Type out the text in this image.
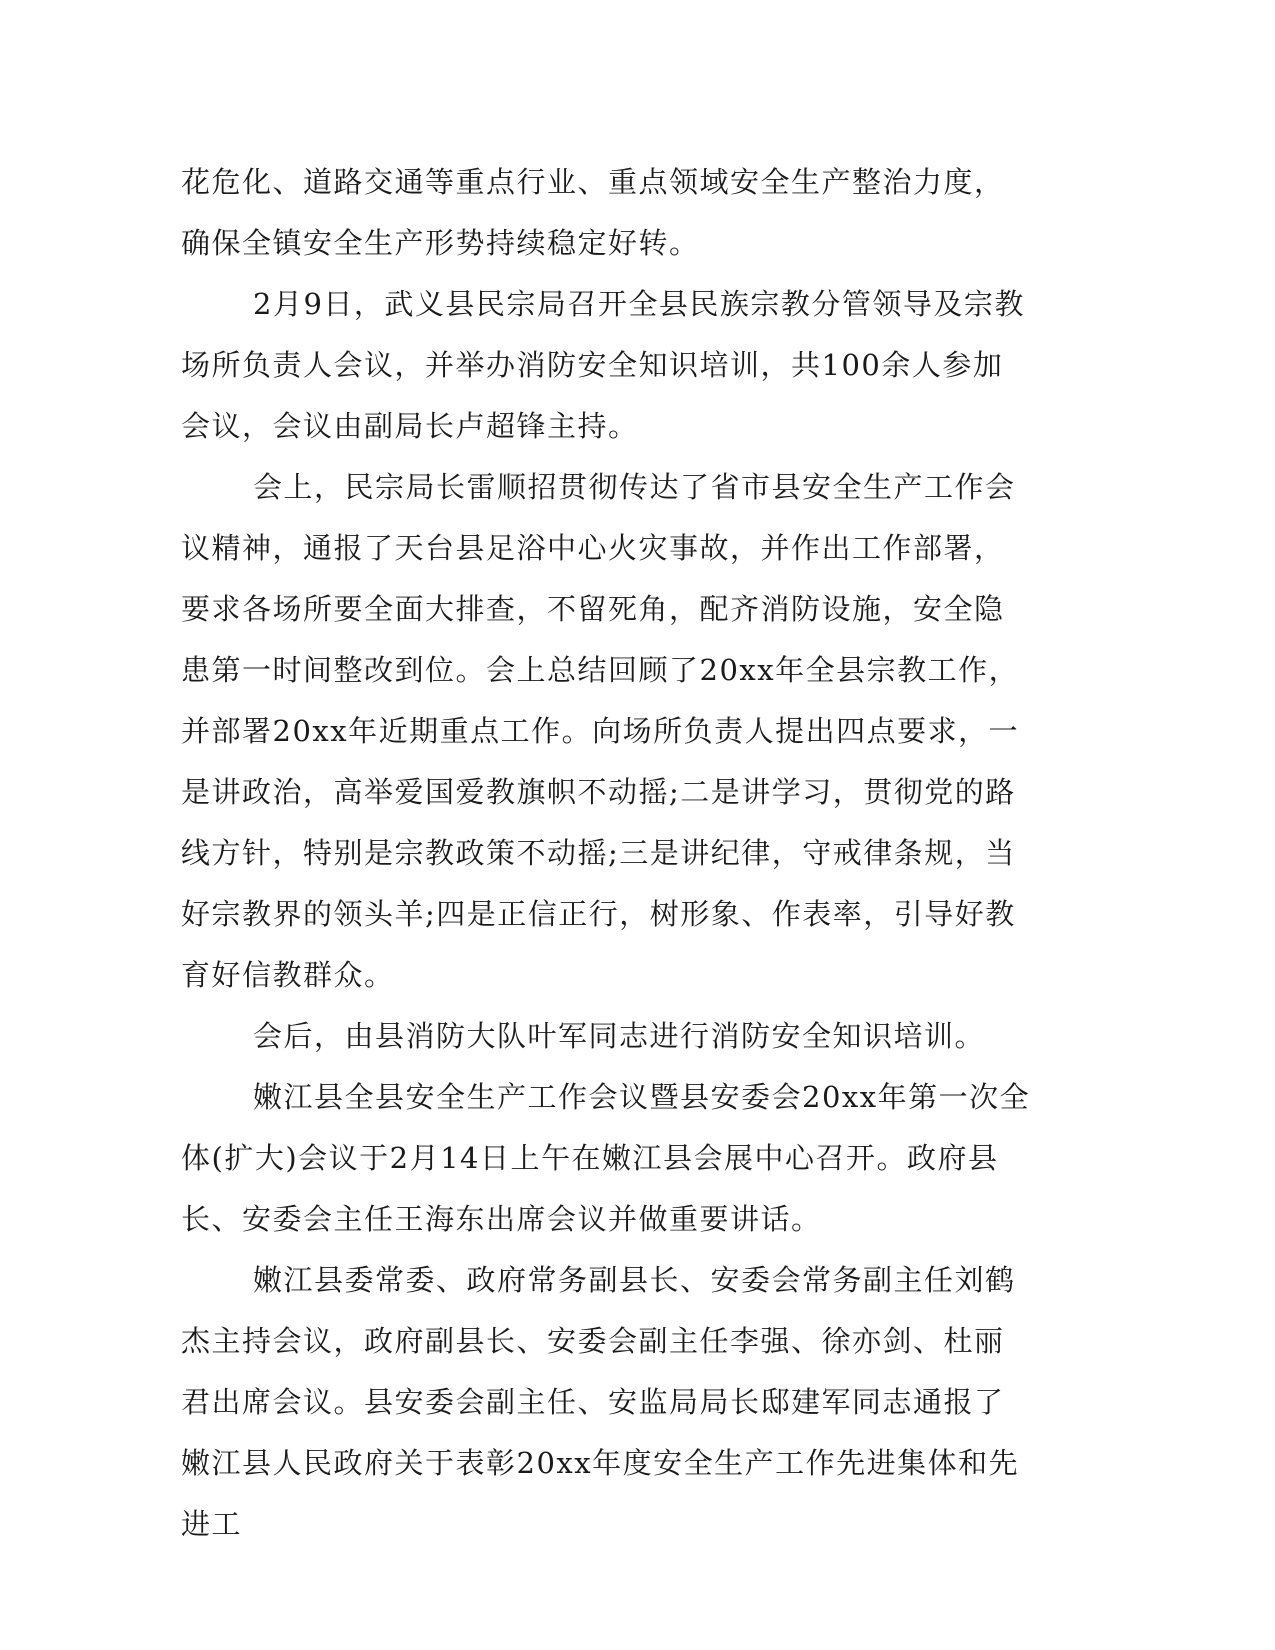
花危化、道路交通等重点行业、重点领域安全生产整治力度，确保全镇安全生产形势持续稳定好转。

2月9日，武义县民宗局召开全县民族宗教分管领导及宗教场所负责人会议，并举办消防安全知识培训，共100余人参加会议，会议由副局长卢超锋主持。

会上，民宗局长雷顺招贯彻传达了省市县安全生产工作会议精神，通报了天台县足浴中心火灾事故，并作出工作部署，要求各场所要全面大排查，不留死角，配齐消防设施，安全隐患第一时间整改到位。会上总结回顾了20xx年全县宗教工作，并部署20xx年近期重点工作。向场所负责人提出四点要求，一是讲政治，高举爱国爱教旗帜不动摇;二是讲学习，贯彻党的路线方针，特别是宗教政策不动摇;三是讲纪律，守戒律条规，当好宗教界的领头羊;四是正信正行，树形象、作表率，引导好教育好信教群众。

会后，由县消防大队叶军同志进行消防安全知识培训。

嫩江县全县安全生产工作会议暨县安委会20xx年第一次全体(扩大)会议于2月14日上午在嫩江县会展中心召开。政府县长、安委会主任王海东出席会议并做重要讲话。

嫩江县委常委、政府常务副县长、安委会常务副主任刘鹤杰主持会议，政府副县长、安委会副主任李强、徐亦剑、杜丽君出席会议。县安委会副主任、安监局局长邸建军同志通报了嫩江县人民政府关于表彰20xx年度安全生产工作先进集体和先进工
